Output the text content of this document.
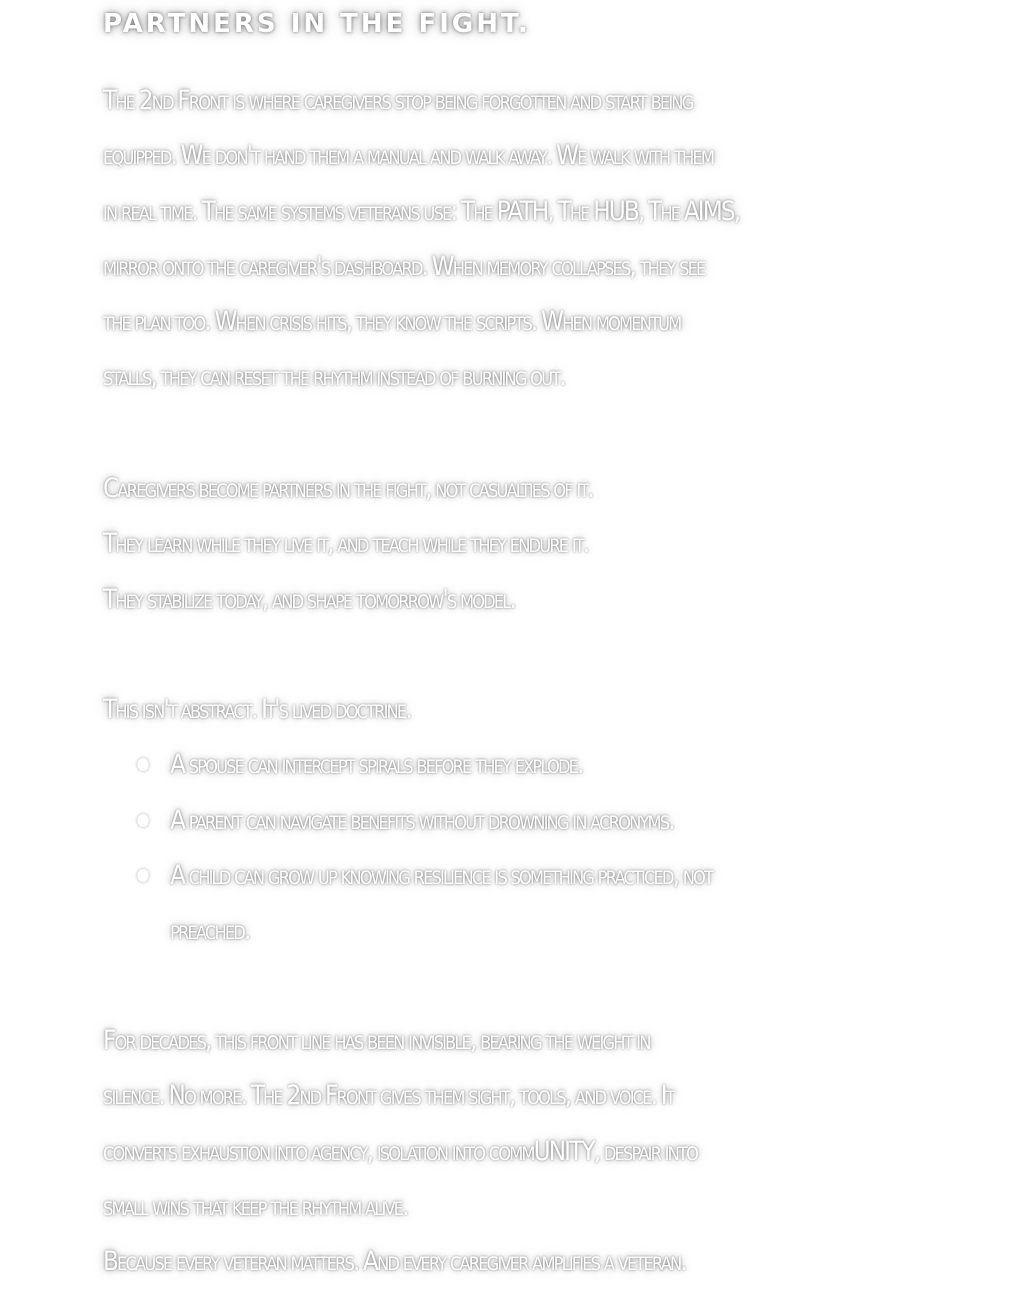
PARTNERS IN THE FIGHT.
The 2nd Front is where caregivers stop being forgotten and start being
equipped. We don't hand them a manual and walk away. We walk with them
in real time. The same systems veterans use: The PATH, The HUB, The AIMS,
mirror onto the caregiver's dashboard. When memory collapses, they see
the plan too. When crisis hits, they know the scripts. When momentum
stalls, they can reset the rhythm instead of burning out.
Caregivers become partners in the fight, not casualties of it.
They learn while they live it, and teach while they endure it.
They stabilize today, and shape tomorrow's model.
This isn't abstract. It's lived doctrine.
A spouse can intercept spirals before they explode.
A parent can navigate benefits without drowning in acronyms.
A child can grow up knowing resilience is something practiced, not
preached.
For decades, this front line has been invisible, bearing the weight in
silence. No more. The 2nd Front gives them sight, tools, and voice. It
converts exhaustion into agency, isolation into commUNITY, despair into
small wins that keep the rhythm alive.
Because every veteran matters. And every caregiver amplifies a veteran.
